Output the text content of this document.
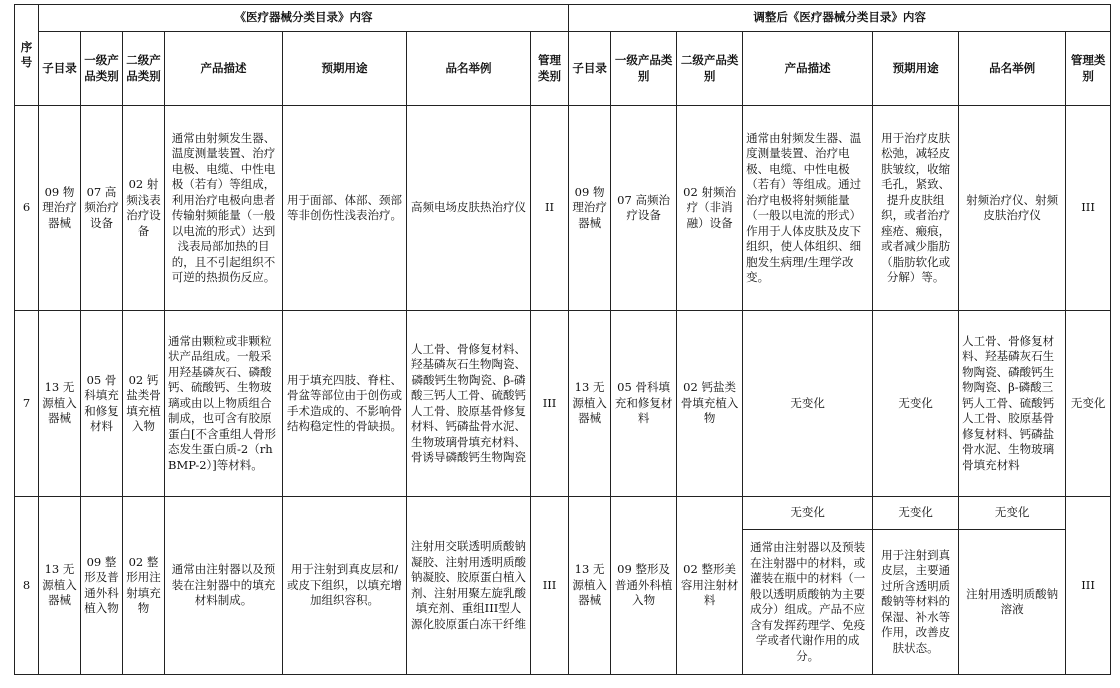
序号	《医疗器械分类目录》内容							调整后《医疗器械分类目录》内容						
	子目录	一级产品类别	二级产品类别	产品描述	预期用途	品名举例	管理类别	子目录	一级产品类别	二级产品类别	产品描述	预期用途	品名举例	管理类别
6	09 物理治疗器械	07 高频治疗设备	02 射频浅表治疗设备	通常由射频发生器、温度测量装置、治疗电极、电缆、中性电极（若有）等组成，利用治疗电极向患者传输射频能量（一般以电流的形式）达到浅表局部加热的目的，且不引起组织不可逆的热损伤反应。	用于面部、体部、颈部等非创伤性浅表治疗。	高频电场皮肤热治疗仪	II	09 物理治疗器械	07 高频治疗设备	02 射频治疗（非消融）设备	通常由射频发生器、温度测量装置、治疗电极、电缆、中性电极（若有）等组成。通过治疗电极将射频能量（一般以电流的形式）作用于人体皮肤及皮下组织，使人体组织、细胞发生病理/生理学改变。	用于治疗皮肤松弛，减轻皮肤皱纹，收缩毛孔，紧致、提升皮肤组织，或者治疗痤疮、瘢痕，或者减少脂肪（脂肪软化或分解）等。	射频治疗仪、射频皮肤治疗仪	III
7	13 无源植入器械	05 骨科填充和修复材料	02 钙盐类骨填充植入物	通常由颗粒或非颗粒状产品组成。一般采用羟基磷灰石、磷酸钙、硫酸钙、生物玻璃或由以上物质组合制成，也可含有胶原蛋白[不含重组人骨形态发生蛋白质-2（rhBMP-2）]等材料。	用于填充四肢、脊柱、骨盆等部位由于创伤或手术造成的、不影响骨结构稳定性的骨缺损。	人工骨、骨修复材料、羟基磷灰石生物陶瓷、磷酸钙生物陶瓷、β-磷酸三钙人工骨、硫酸钙人工骨、胶原基骨修复材料、钙磷盐骨水泥、生物玻璃骨填充材料、骨诱导磷酸钙生物陶瓷	III	13 无源植入器械	05 骨科填充和修复材料	02 钙盐类骨填充植入物	无变化	无变化	人工骨、骨修复材料、羟基磷灰石生物陶瓷、磷酸钙生物陶瓷、β-磷酸三钙人工骨、硫酸钙人工骨、胶原基骨修复材料、钙磷盐骨水泥、生物玻璃骨填充材料	无变化
8	13 无源植入器械	09 整形及普通外科植入物	02 整形用注射填充物	通常由注射器以及预装在注射器中的填充材料制成。	用于注射到真皮层和/或皮下组织，以填充增加组织容积。	注射用交联透明质酸钠凝胶、注射用透明质酸钠凝胶、胶原蛋白植入剂、注射用聚左旋乳酸填充剂、重组III型人源化胶原蛋白冻干纤维	III	13 无源植入器械	09 整形及普通外科植入物	02 整形美容用注射材料	无变化	无变化	无变化	III
											通常由注射器以及预装在注射器中的材料，或灌装在瓶中的材料（一般以透明质酸钠为主要成分）组成。产品不应含有发挥药理学、免疫学或者代谢作用的成分。	用于注射到真皮层，主要通过所含透明质酸钠等材料的保湿、补水等作用，改善皮肤状态。	注射用透明质酸钠溶液	
